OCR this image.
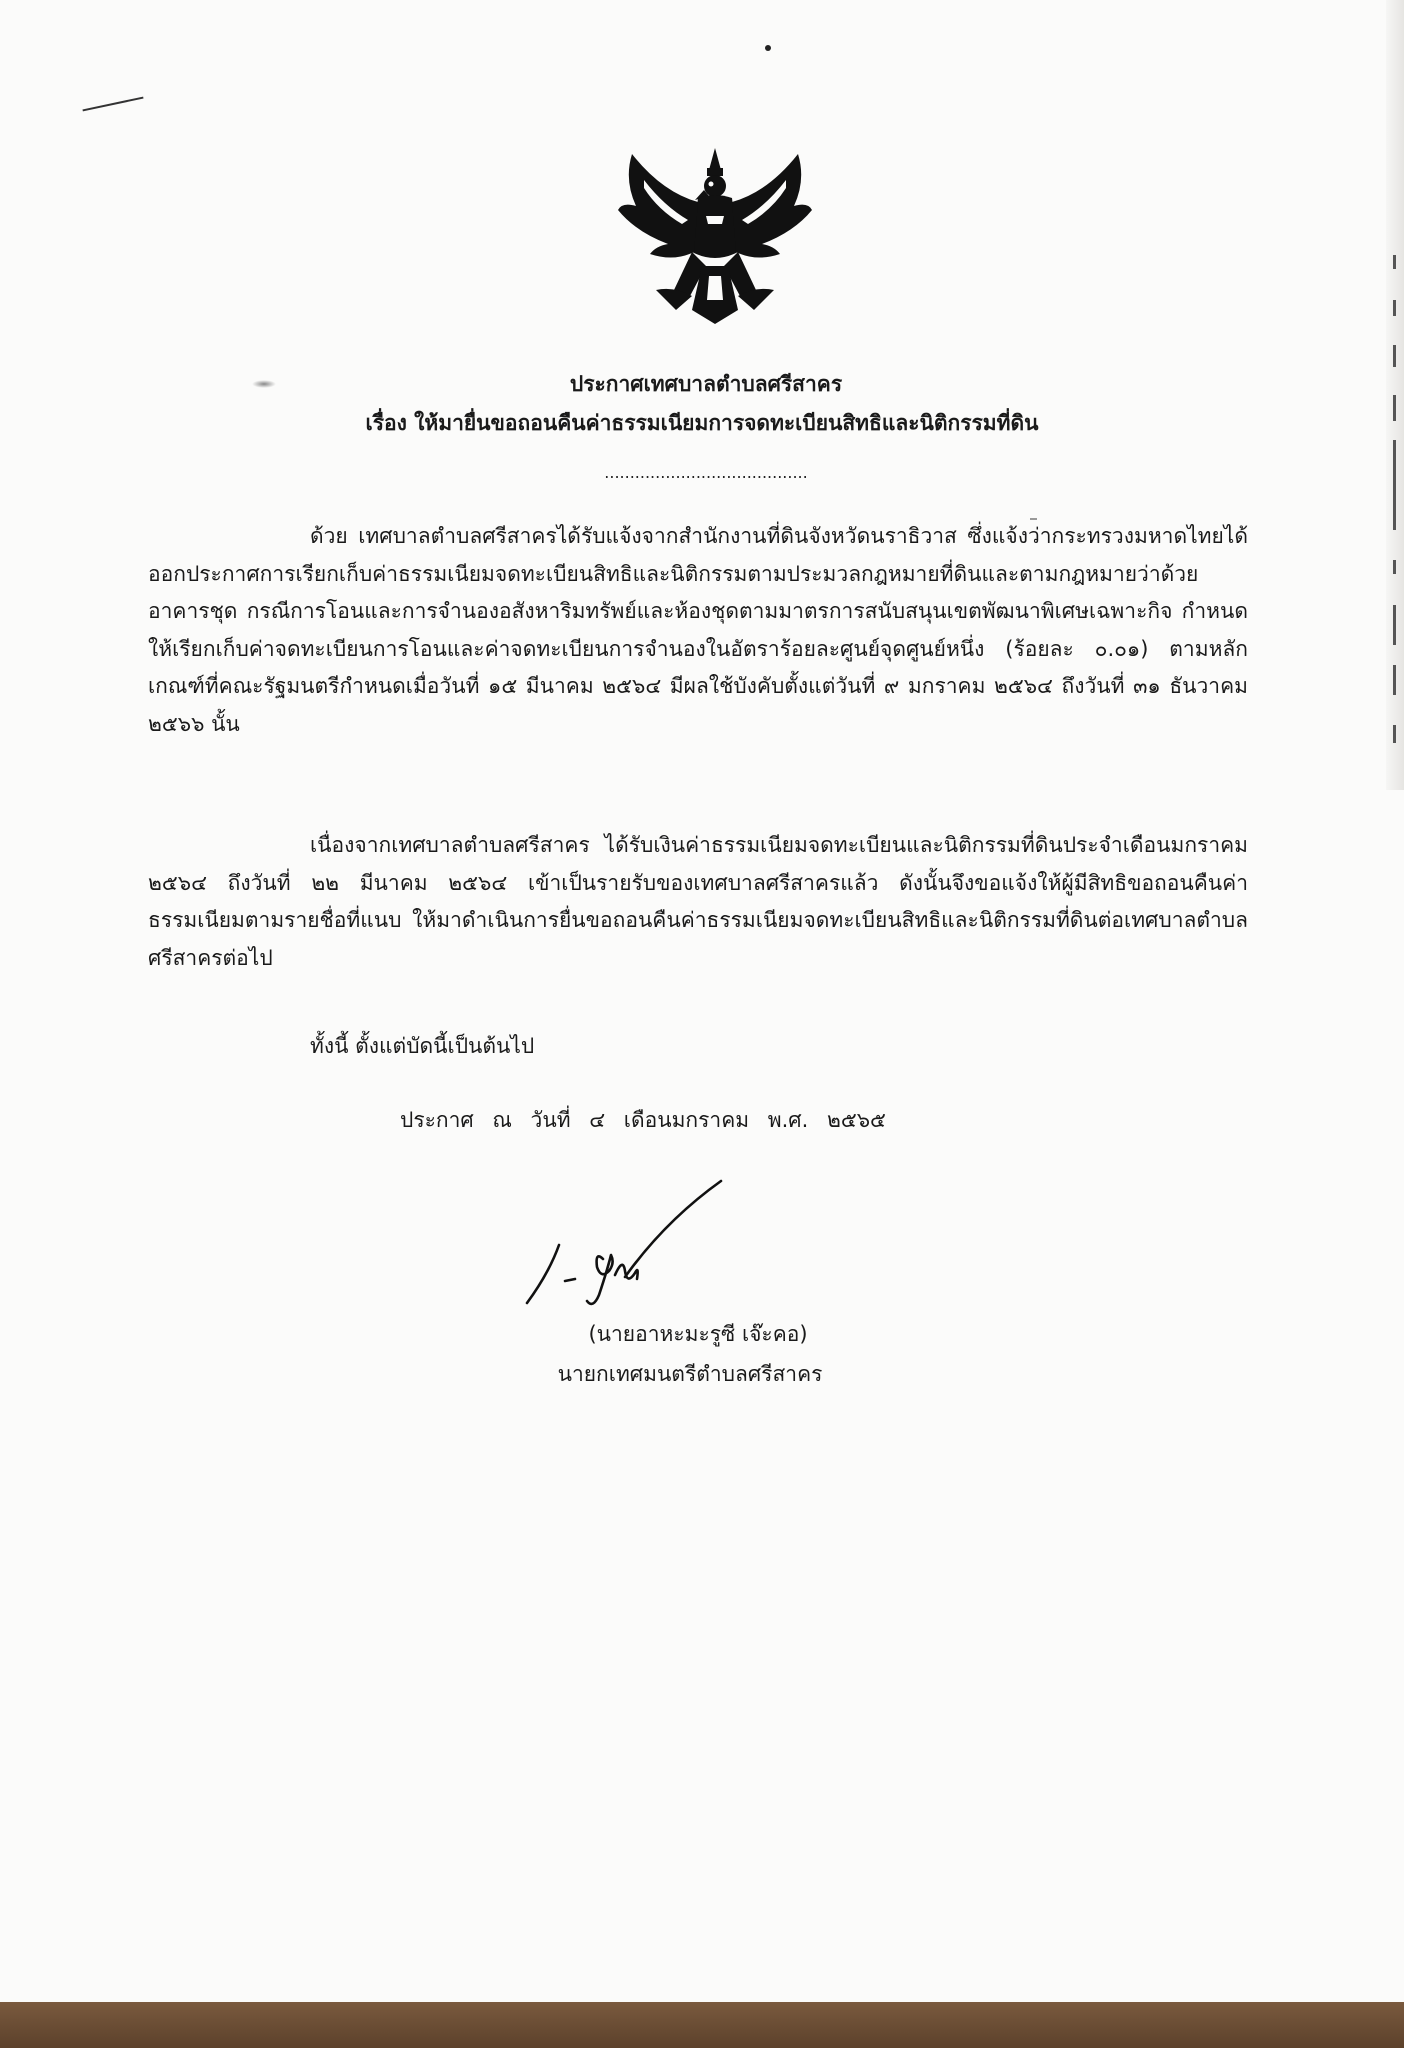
ประกาศเทศบาลตำบลศรีสาคร
เรื่อง ให้มายื่นขอถอนคืนค่าธรรมเนียมการจดทะเบียนสิทธิและนิติกรรมที่ดิน
........................................

ด้วย เทศบาลตำบลศรีสาครได้รับแจ้งจากสำนักงานที่ดินจังหวัดนราธิวาส ซึ่งแจ้งว่ากระทรวงมหาดไทยได้ออกประกาศการเรียกเก็บค่าธรรมเนียมจดทะเบียนสิทธิและนิติกรรมตามประมวลกฎหมายที่ดินและตามกฎหมายว่าด้วยอาคารชุด กรณีการโอนและการจำนองอสังหาริมทรัพย์และห้องชุดตามมาตรการสนับสนุนเขตพัฒนาพิเศษเฉพาะกิจ กำหนดให้เรียกเก็บค่าจดทะเบียนการโอนและค่าจดทะเบียนการจำนองในอัตราร้อยละศูนย์จุดศูนย์หนึ่ง (ร้อยละ ๐.๐๑) ตามหลักเกณฑ์ที่คณะรัฐมนตรีกำหนดเมื่อวันที่ ๑๕ มีนาคม ๒๕๖๔ มีผลใช้บังคับตั้งแต่วันที่ ๙ มกราคม ๒๕๖๔ ถึงวันที่ ๓๑ ธันวาคม ๒๕๖๖ นั้น

เนื่องจากเทศบาลตำบลศรีสาคร ได้รับเงินค่าธรรมเนียมจดทะเบียนและนิติกรรมที่ดินประจำเดือนมกราคม ๒๕๖๔ ถึงวันที่ ๒๒ มีนาคม ๒๕๖๔ เข้าเป็นรายรับของเทศบาลศรีสาครแล้ว ดังนั้นจึงขอแจ้งให้ผู้มีสิทธิขอถอนคืนค่าธรรมเนียมตามรายชื่อที่แนบ ให้มาดำเนินการยื่นขอถอนคืนค่าธรรมเนียมจดทะเบียนสิทธิและนิติกรรมที่ดินต่อเทศบาลตำบลศรีสาครต่อไป

ทั้งนี้ ตั้งแต่บัดนี้เป็นต้นไป
ประกาศ ณ วันที่ ๔ เดือนมกราคม พ.ศ. ๒๕๖๕
(นายอาหะมะรูซี เจ๊ะคอ)
นายกเทศมนตรีตำบลศรีสาคร
